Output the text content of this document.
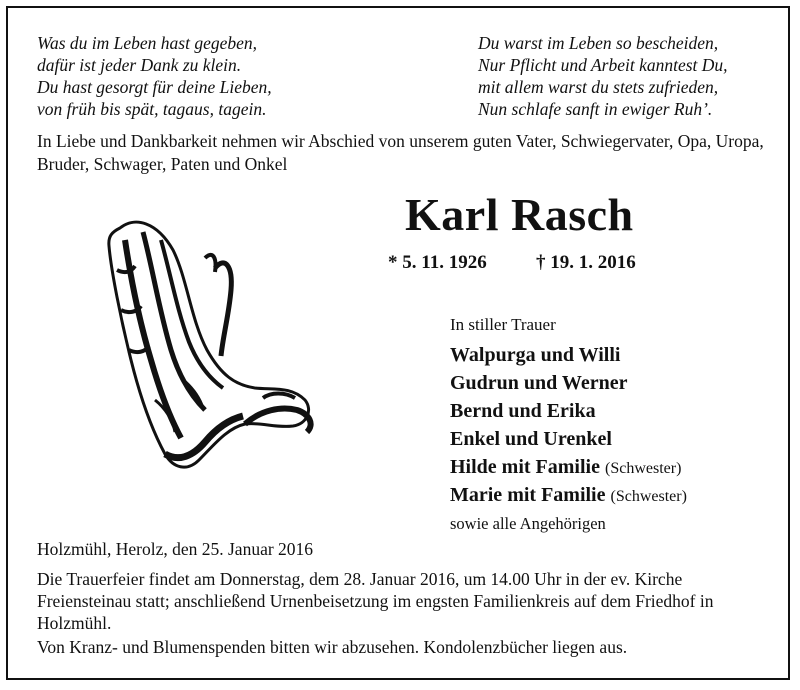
Was du im Leben hast gegeben,
dafür ist jeder Dank zu klein.
Du hast gesorgt für deine Lieben,
von früh bis spät, tagaus, tagein.
Du warst im Leben so bescheiden,
Nur Pflicht und Arbeit kanntest Du,
mit allem warst du stets zufrieden,
Nun schlafe sanft in ewiger Ruh’.
In Liebe und Dankbarkeit nehmen wir Abschied von unserem guten Vater, Schwiegervater, Opa, Uropa, Bruder, Schwager, Paten und Onkel
Karl Rasch
* 5. 11. 1926	† 19. 1. 2016
In stiller Trauer
Walpurga und Willi
Gudrun und Werner
Bernd und Erika
Enkel und Urenkel
Hilde mit Familie (Schwester)
Marie mit Familie (Schwester)
sowie alle Angehörigen
Holzmühl, Herolz, den 25. Januar 2016
Die Trauerfeier findet am Donnerstag, dem 28. Januar 2016, um 14.00 Uhr in der ev. Kirche Freiensteinau statt; anschließend Urnenbeisetzung im engsten Familienkreis auf dem Friedhof in Holzmühl.
Von Kranz- und Blumenspenden bitten wir abzusehen. Kondolenzbücher liegen aus.
